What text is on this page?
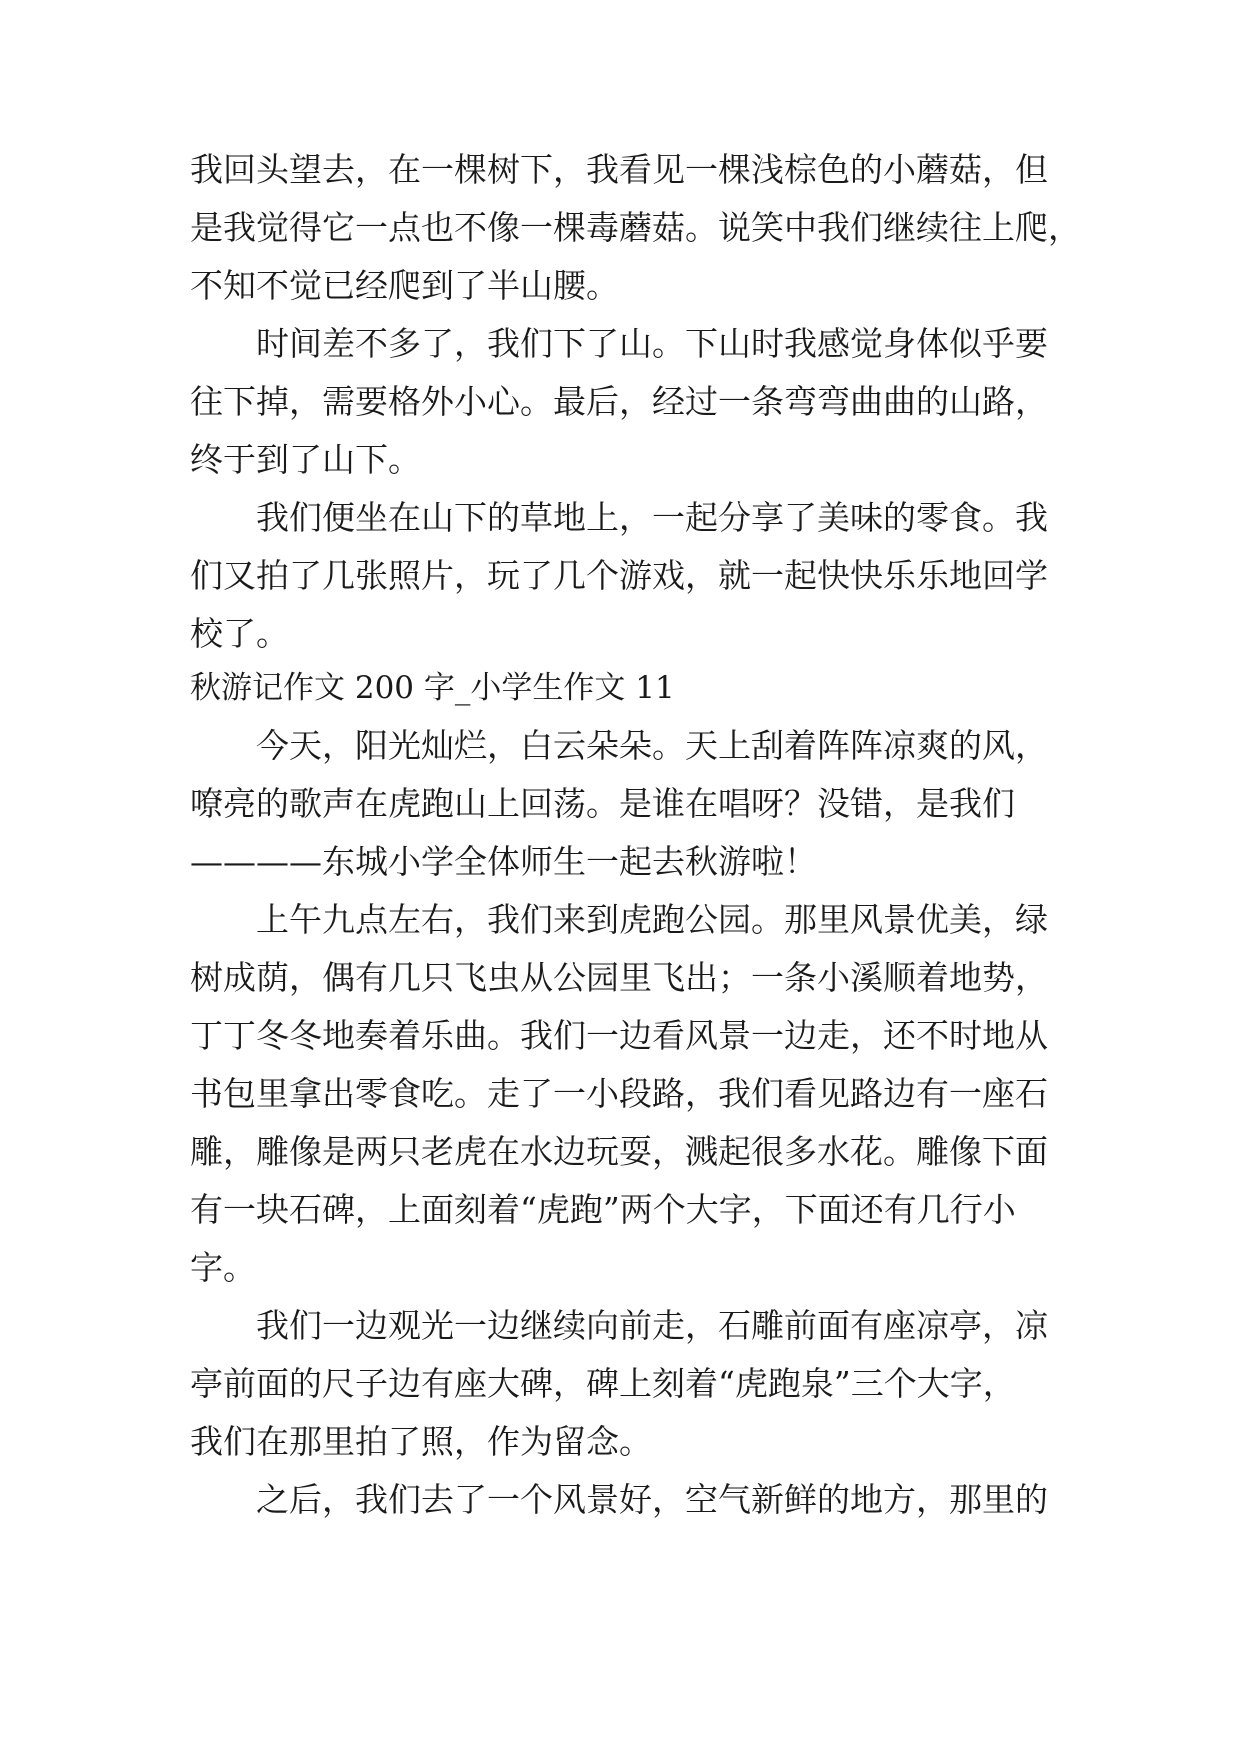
我回头望去，在一棵树下，我看见一棵浅棕色的小蘑菇，但
是我觉得它一点也不像一棵毒蘑菇。说笑中我们继续往上爬，
不知不觉已经爬到了半山腰。
　　时间差不多了，我们下了山。下山时我感觉身体似乎要
往下掉，需要格外小心。最后，经过一条弯弯曲曲的山路，
终于到了山下。
　　我们便坐在山下的草地上，一起分享了美味的零食。我
们又拍了几张照片，玩了几个游戏，就一起快快乐乐地回学
校了。
秋游记作文 200 字_小学生作文 11
　　今天，阳光灿烂，白云朵朵。天上刮着阵阵凉爽的风，
嘹亮的歌声在虎跑山上回荡。是谁在唱呀？没错，是我们
————东城小学全体师生一起去秋游啦！
　　上午九点左右，我们来到虎跑公园。那里风景优美，绿
树成荫，偶有几只飞虫从公园里飞出；一条小溪顺着地势，
丁丁冬冬地奏着乐曲。我们一边看风景一边走，还不时地从
书包里拿出零食吃。走了一小段路，我们看见路边有一座石
雕，雕像是两只老虎在水边玩耍，溅起很多水花。雕像下面
有一块石碑，上面刻着“虎跑”两个大字，下面还有几行小
字。
　　我们一边观光一边继续向前走，石雕前面有座凉亭，凉
亭前面的尺子边有座大碑，碑上刻着“虎跑泉”三个大字，
我们在那里拍了照，作为留念。
　　之后，我们去了一个风景好，空气新鲜的地方，那里的
